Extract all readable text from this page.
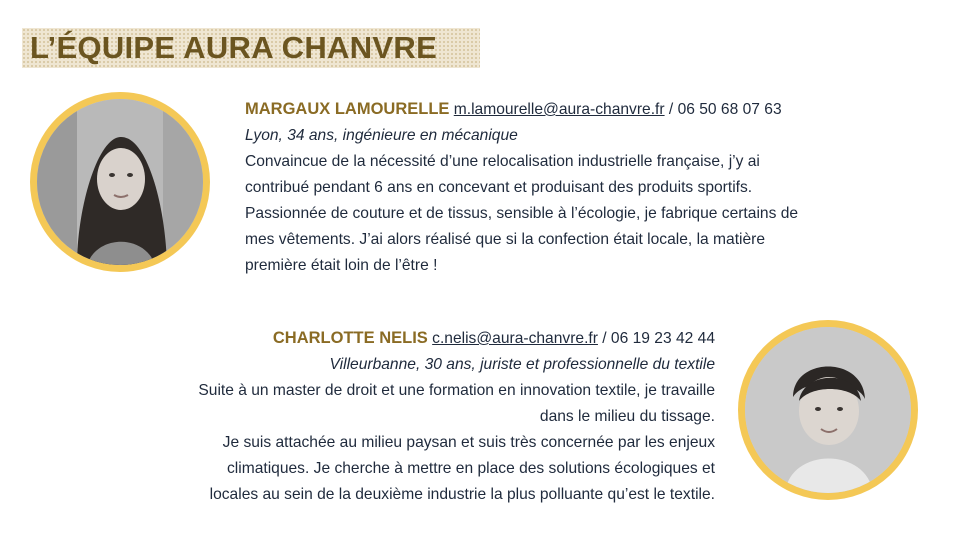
L’ÉQUIPE AURA CHANVRE
MARGAUX LAMOURELLE m.lamourelle@aura-chanvre.fr / 06 50 68 07 63
Lyon, 34 ans, ingénieure en mécanique
Convaincue de la nécessité d’une relocalisation industrielle française, j’y ai
contribué pendant 6 ans en concevant et produisant des produits sportifs.
Passionnée de couture et de tissus, sensible à l’écologie, je fabrique certains de
mes vêtements. J’ai alors réalisé que si la confection était locale, la matière
première était loin de l’être !
CHARLOTTE NELIS c.nelis@aura-chanvre.fr / 06 19 23 42 44
Villeurbanne, 30 ans, juriste et professionnelle du textile
Suite à un master de droit et une formation en innovation textile, je travaille
dans le milieu du tissage.
Je suis attachée au milieu paysan et suis très concernée par les enjeux
climatiques. Je cherche à mettre en place des solutions écologiques et
locales au sein de la deuxième industrie la plus polluante qu’est le textile.
